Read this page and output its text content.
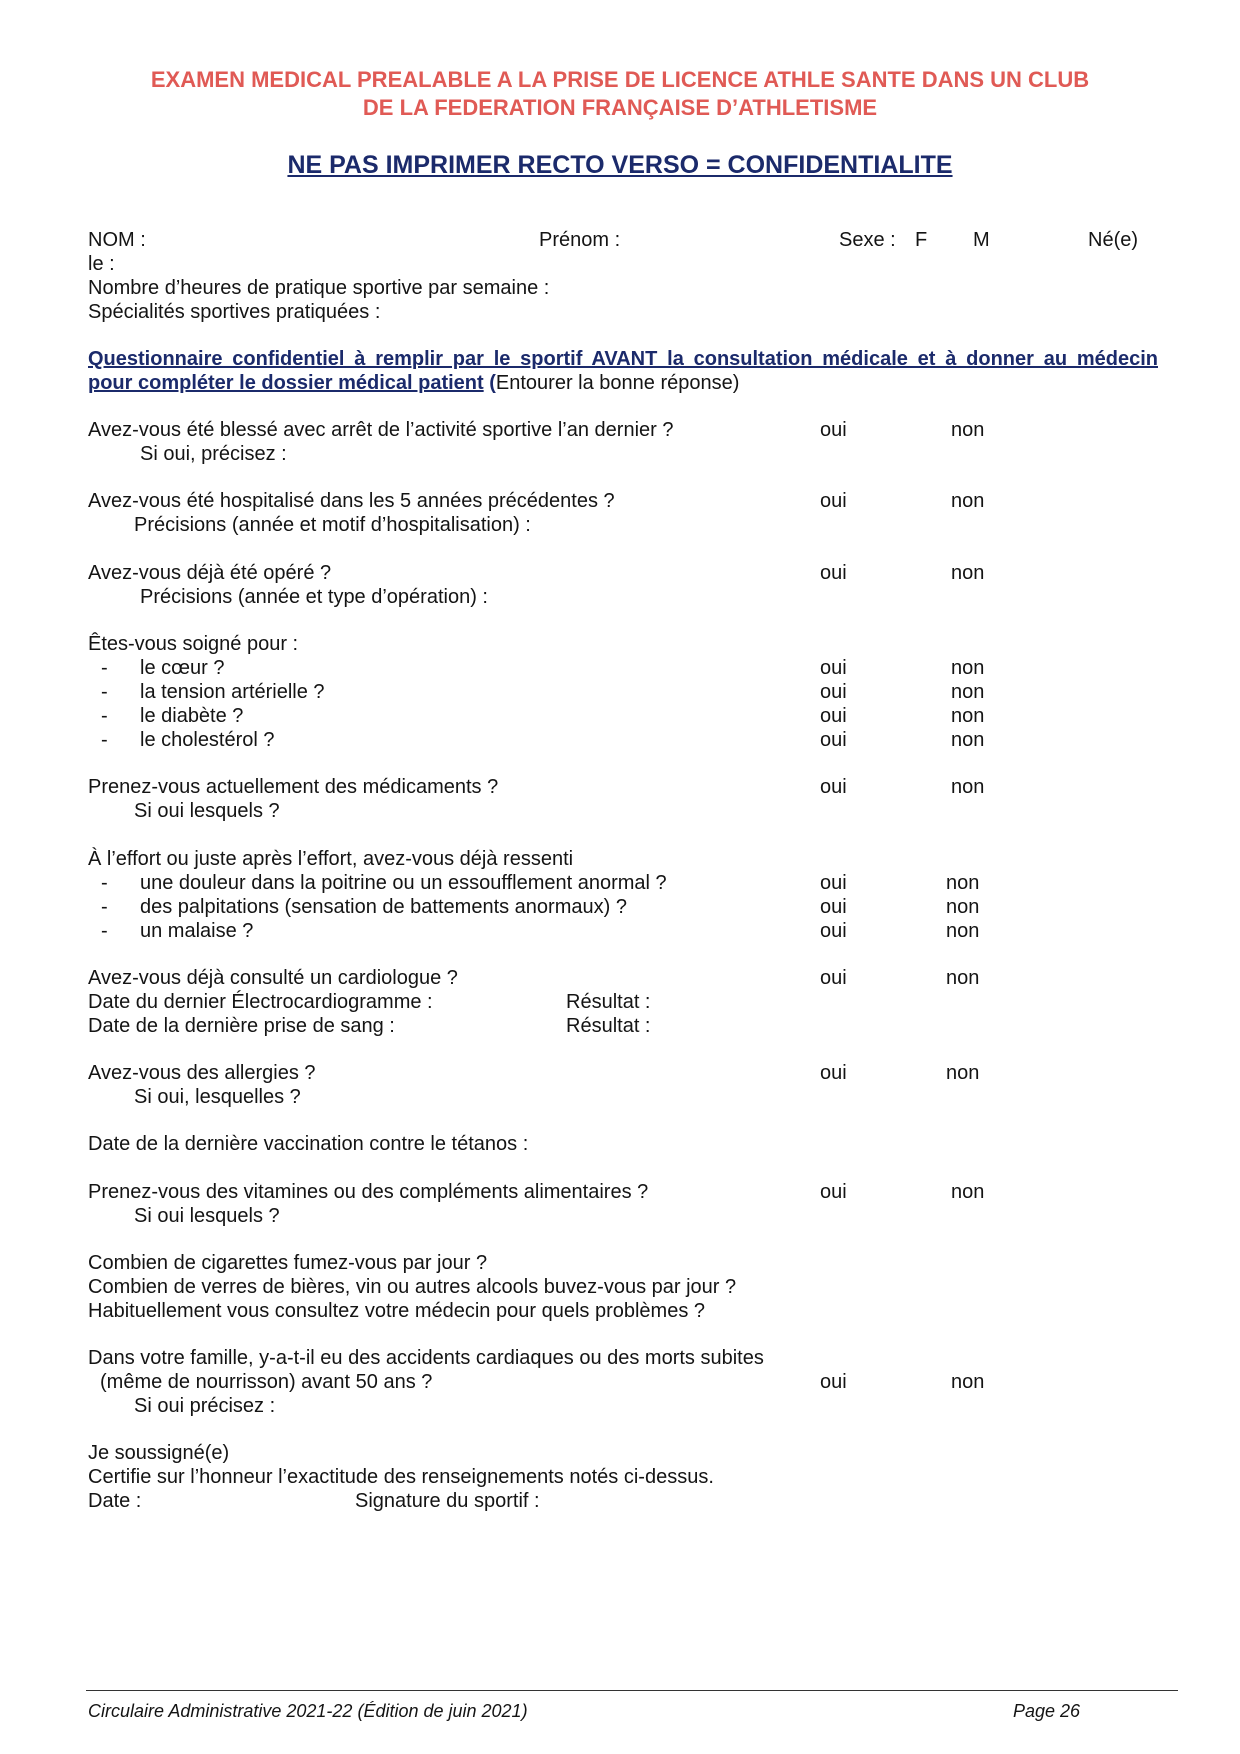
EXAMEN MEDICAL PREALABLE A LA PRISE DE LICENCE ATHLE SANTE DANS UN CLUB
DE LA FEDERATION FRANÇAISE D’ATHLETISME
NE PAS IMPRIMER RECTO VERSO = CONFIDENTIALITE
NOM :	Prénom :	Sexe : F M	Né(e)
le :
Nombre d’heures de pratique sportive par semaine :
Spécialités sportives pratiquées :
Questionnaire confidentiel à remplir par le sportif AVANT la consultation médicale et à donner au médecin
pour compléter le dossier médical patient (Entourer la bonne réponse)
Avez-vous été blessé avec arrêt de l’activité sportive l’an dernier ?	oui	non
Si oui, précisez :
Avez-vous été hospitalisé dans les 5 années précédentes ?	oui	non
Précisions (année et motif d’hospitalisation) :
Avez-vous déjà été opéré ?	oui	non
Précisions (année et type d’opération) :
Êtes-vous soigné pour :
- le cœur ?	oui	non
- la tension artérielle ?	oui	non
- le diabète ?	oui	non
- le cholestérol ?	oui	non
Prenez-vous actuellement des médicaments ?	oui	non
Si oui lesquels ?
À l’effort ou juste après l’effort, avez-vous déjà ressenti
- une douleur dans la poitrine ou un essoufflement anormal ?	oui	non
- des palpitations (sensation de battements anormaux) ?	oui	non
- un malaise ?	oui	non
Avez-vous déjà consulté un cardiologue ?	oui	non
Date du dernier Électrocardiogramme :	Résultat :
Date de la dernière prise de sang :	Résultat :
Avez-vous des allergies ?	oui	non
Si oui, lesquelles ?
Date de la dernière vaccination contre le tétanos :
Prenez-vous des vitamines ou des compléments alimentaires ?	oui	non
Si oui lesquels ?
Combien de cigarettes fumez-vous par jour ?
Combien de verres de bières, vin ou autres alcools buvez-vous par jour ?
Habituellement vous consultez votre médecin pour quels problèmes ?
Dans votre famille, y-a-t-il eu des accidents cardiaques ou des morts subites
(même de nourrisson) avant 50 ans ?	oui	non
Si oui précisez :
Je soussigné(e)
Certifie sur l’honneur l’exactitude des renseignements notés ci-dessus.
Date :	Signature du sportif :
Circulaire Administrative 2021-22 (Édition de juin 2021)	Page 26
